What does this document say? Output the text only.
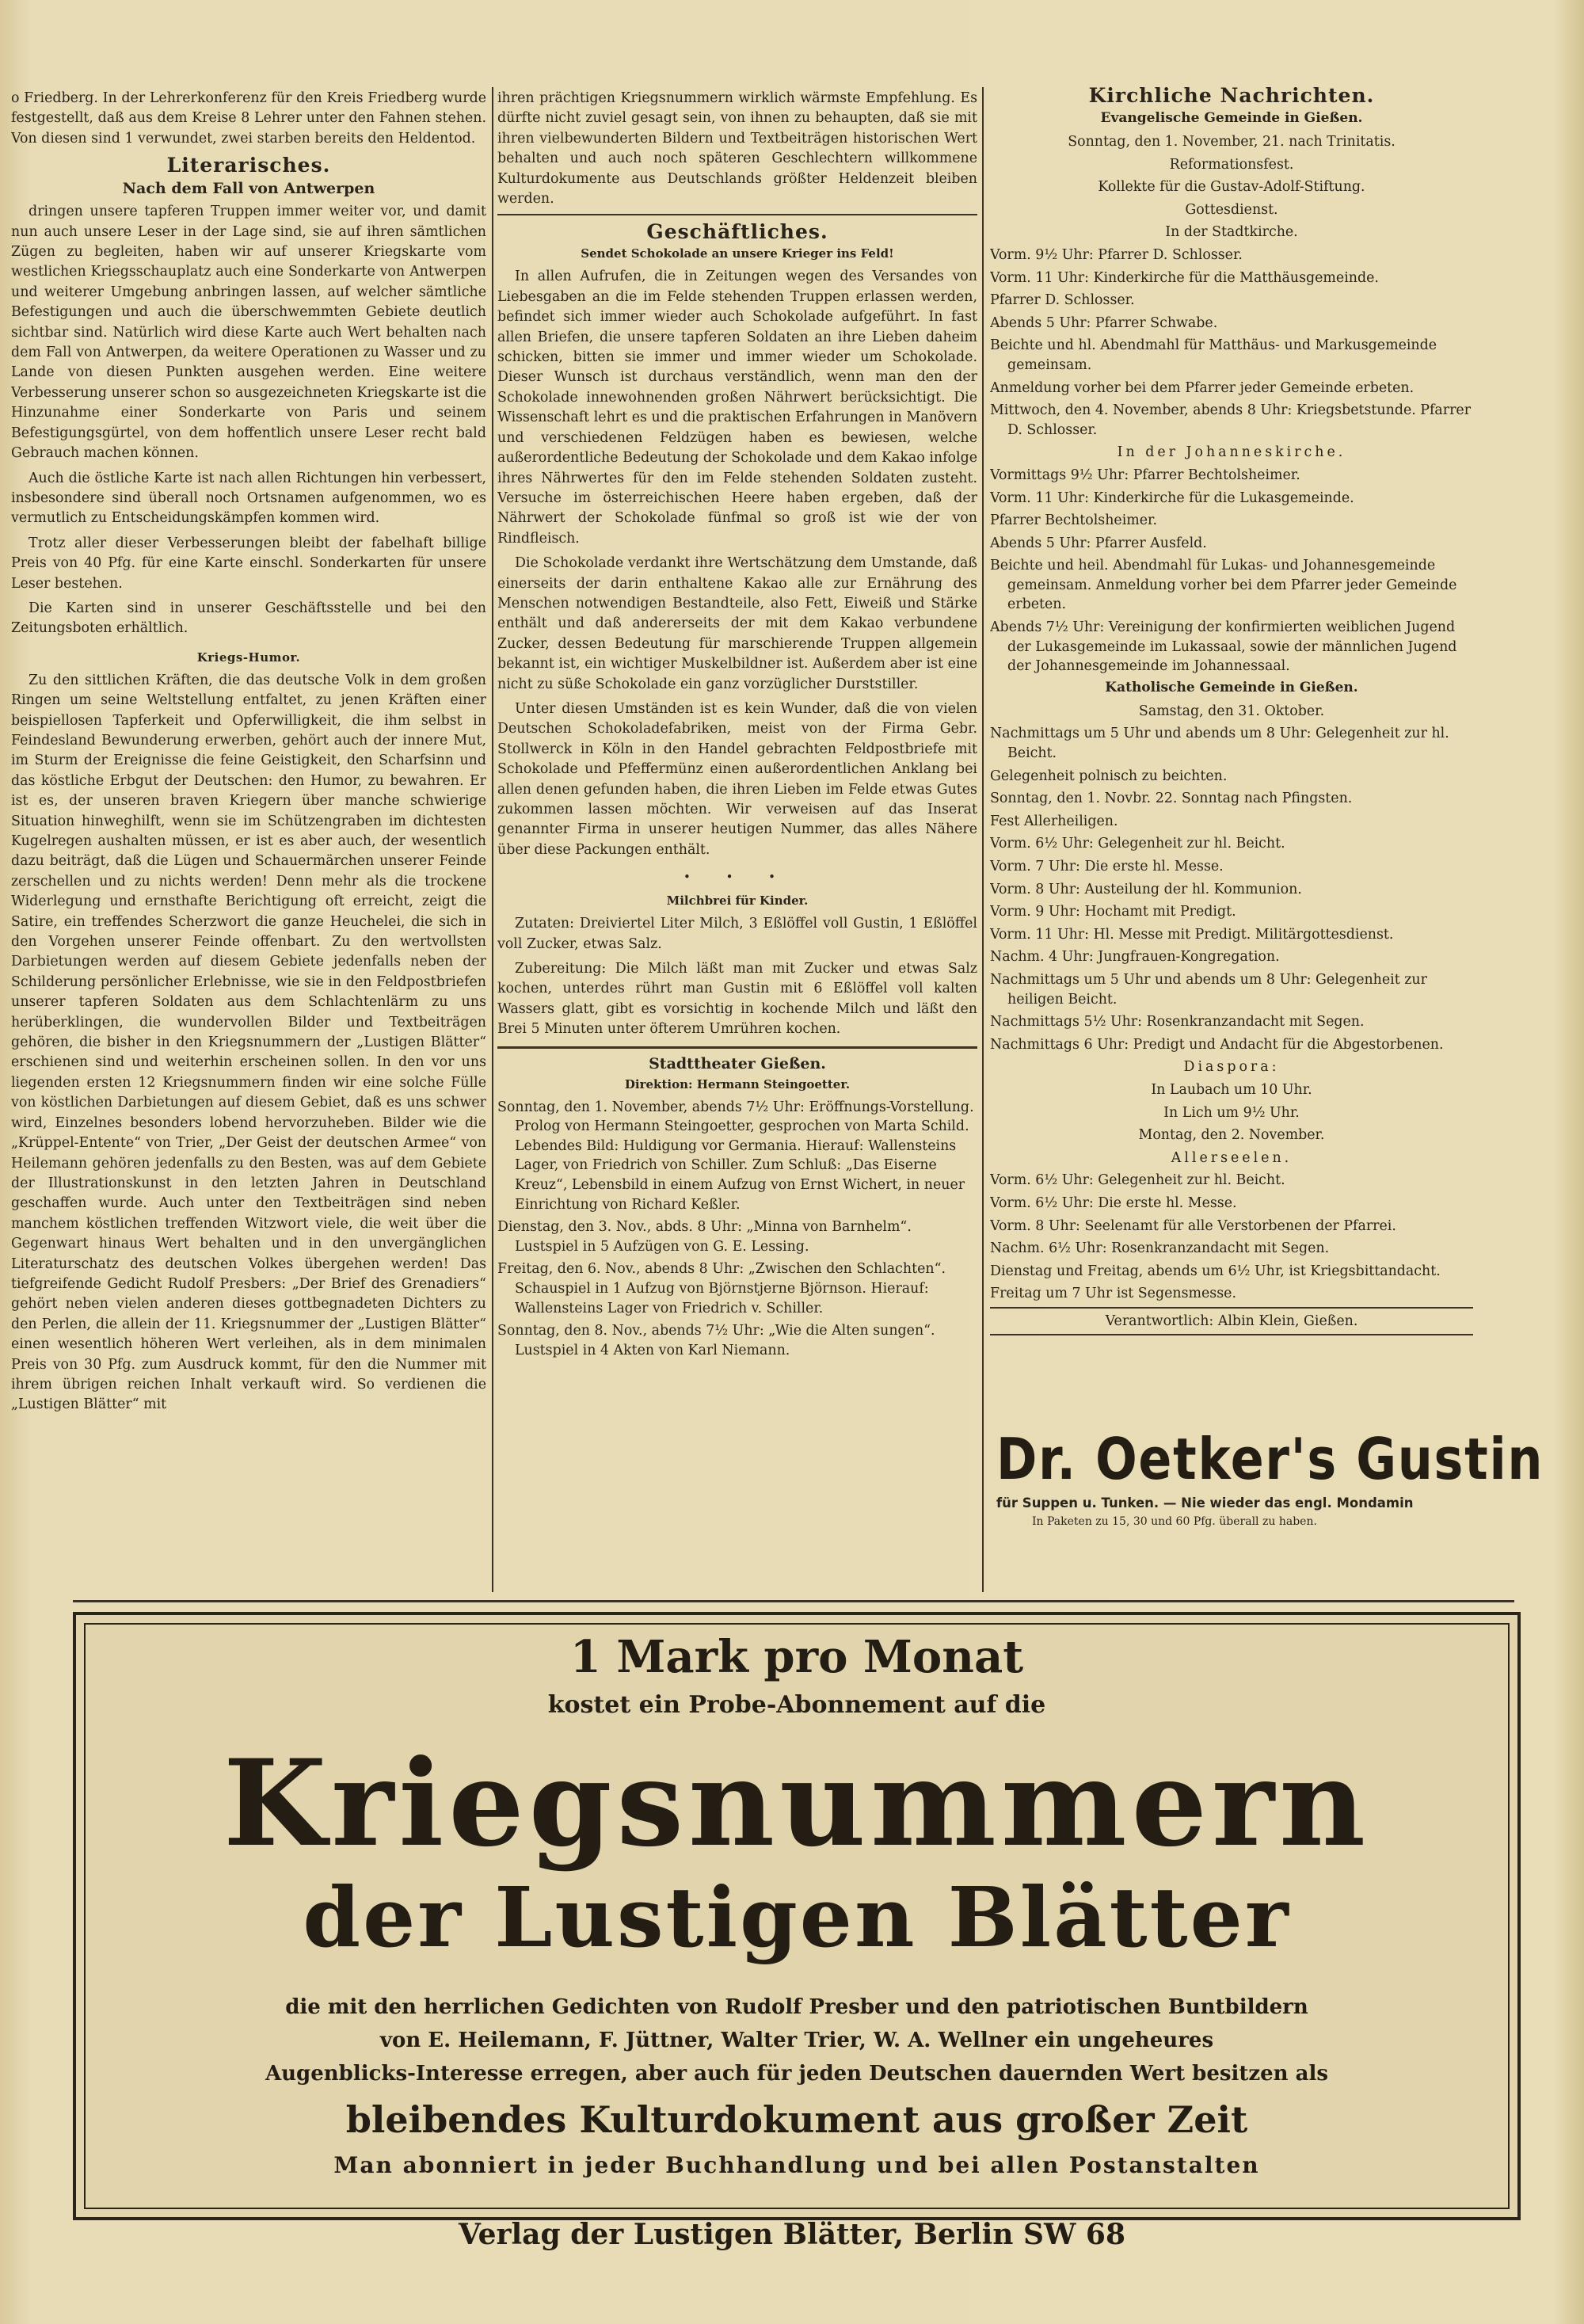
o Friedberg. In der Lehrerkonferenz für den Kreis Friedberg wurde festgestellt, daß aus dem Kreise 8 Lehrer unter den Fahnen stehen. Von diesen sind 1 verwundet, zwei starben bereits den Heldentod.

Literarisches.
Nach dem Fall von Antwerpen

dringen unsere tapferen Truppen immer weiter vor, und damit nun auch unsere Leser in der Lage sind, sie auf ihren sämtlichen Zügen zu begleiten, haben wir auf unserer Kriegskarte vom westlichen Kriegsschauplatz auch eine Sonderkarte von Antwerpen und weiterer Umgebung anbringen lassen, auf welcher sämtliche Befestigungen und auch die überschwemmten Gebiete deutlich sichtbar sind. Natürlich wird diese Karte auch Wert behalten nach dem Fall von Antwerpen, da weitere Operationen zu Wasser und zu Lande von diesen Punkten ausgehen werden. Eine weitere Verbesserung unserer schon so ausgezeichneten Kriegskarte ist die Hinzunahme einer Sonderkarte von Paris und seinem Befestigungsgürtel, von dem hoffentlich unsere Leser recht bald Gebrauch machen können.

Auch die östliche Karte ist nach allen Richtungen hin verbessert, insbesondere sind überall noch Ortsnamen aufgenommen, wo es vermutlich zu Entscheidungskämpfen kommen wird.

Trotz aller dieser Verbesserungen bleibt der fabelhaft billige Preis von 40 Pfg. für eine Karte einschl. Sonderkarten für unsere Leser bestehen.

Die Karten sind in unserer Geschäftsstelle und bei den Zeitungsboten erhältlich.

Kriegs-Humor.

Zu den sittlichen Kräften, die das deutsche Volk in dem großen Ringen um seine Weltstellung entfaltet, zu jenen Kräften einer beispiellosen Tapferkeit und Opferwilligkeit, die ihm selbst in Feindesland Bewunderung erwerben, gehört auch der innere Mut, im Sturm der Ereignisse die feine Geistigkeit, den Scharfsinn und das köstliche Erbgut der Deutschen: den Humor, zu bewahren. Er ist es, der unseren braven Kriegern über manche schwierige Situation hinweghilft, wenn sie im Schützengraben im dichtesten Kugelregen aushalten müssen, er ist es aber auch, der wesentlich dazu beiträgt, daß die Lügen und Schauermärchen unserer Feinde zerschellen und zu nichts werden! Denn mehr als die trockene Widerlegung und ernsthafte Berichtigung oft erreicht, zeigt die Satire, ein treffendes Scherzwort die ganze Heuchelei, die sich in den Vorgehen unserer Feinde offenbart. Zu den wertvollsten Darbietungen werden auf diesem Gebiete jedenfalls neben der Schilderung persönlicher Erlebnisse, wie sie in den Feldpostbriefen unserer tapferen Soldaten aus dem Schlachtenlärm zu uns herüberklingen, die wundervollen Bilder und Textbeiträgen gehören, die bisher in den Kriegsnummern der „Lustigen Blätter“ erschienen sind und weiterhin erscheinen sollen. In den vor uns liegenden ersten 12 Kriegsnummern finden wir eine solche Fülle von köstlichen Darbietungen auf diesem Gebiet, daß es uns schwer wird, Einzelnes besonders lobend hervorzuheben. Bilder wie die „Krüppel-Entente“ von Trier, „Der Geist der deutschen Armee“ von Heilemann gehören jedenfalls zu den Besten, was auf dem Gebiete der Illustrationskunst in den letzten Jahren in Deutschland geschaffen wurde. Auch unter den Textbeiträgen sind neben manchem köstlichen treffenden Witzwort viele, die weit über die Gegenwart hinaus Wert behalten und in den unvergänglichen Literaturschatz des deutschen Volkes übergehen werden! Das tiefgreifende Gedicht Rudolf Presbers: „Der Brief des Grenadiers“ gehört neben vielen anderen dieses gottbegnadeten Dichters zu den Perlen, die allein der 11. Kriegsnummer der „Lustigen Blätter“ einen wesentlich höheren Wert verleihen, als in dem minimalen Preis von 30 Pfg. zum Ausdruck kommt, für den die Nummer mit ihrem übrigen reichen Inhalt verkauft wird. So verdienen die „Lustigen Blätter“ mit

ihren prächtigen Kriegsnummern wirklich wärmste Empfehlung. Es dürfte nicht zuviel gesagt sein, von ihnen zu behaupten, daß sie mit ihren vielbewunderten Bildern und Textbeiträgen historischen Wert behalten und auch noch späteren Geschlechtern willkommene Kulturdokumente aus Deutschlands größter Heldenzeit bleiben werden.

Geschäftliches.
Sendet Schokolade an unsere Krieger ins Feld!

In allen Aufrufen, die in Zeitungen wegen des Versandes von Liebesgaben an die im Felde stehenden Truppen erlassen werden, befindet sich immer wieder auch Schokolade aufgeführt. In fast allen Briefen, die unsere tapferen Soldaten an ihre Lieben daheim schicken, bitten sie immer und immer wieder um Schokolade. Dieser Wunsch ist durchaus verständlich, wenn man den der Schokolade innewohnenden großen Nährwert berücksichtigt. Die Wissenschaft lehrt es und die praktischen Erfahrungen in Manövern und verschiedenen Feldzügen haben es bewiesen, welche außerordentliche Bedeutung der Schokolade und dem Kakao infolge ihres Nährwertes für den im Felde stehenden Soldaten zusteht. Versuche im österreichischen Heere haben ergeben, daß der Nährwert der Schokolade fünfmal so groß ist wie der von Rindfleisch.

Die Schokolade verdankt ihre Wertschätzung dem Umstande, daß einerseits der darin enthaltene Kakao alle zur Ernährung des Menschen notwendigen Bestandteile, also Fett, Eiweiß und Stärke enthält und daß andererseits der mit dem Kakao verbundene Zucker, dessen Bedeutung für marschierende Truppen allgemein bekannt ist, ein wichtiger Muskelbildner ist. Außerdem aber ist eine nicht zu süße Schokolade ein ganz vorzüglicher Durststiller.

Unter diesen Umständen ist es kein Wunder, daß die von vielen Deutschen Schokoladefabriken, meist von der Firma Gebr. Stollwerck in Köln in den Handel gebrachten Feldpostbriefe mit Schokolade und Pfeffermünz einen außerordentlichen Anklang bei allen denen gefunden haben, die ihren Lieben im Felde etwas Gutes zukommen lassen möchten. Wir verweisen auf das Inserat genannter Firma in unserer heutigen Nummer, das alles Nähere über diese Packungen enthält.

• • •
Milchbrei für Kinder.

Zutaten: Dreiviertel Liter Milch, 3 Eßlöffel voll Gustin, 1 Eßlöffel voll Zucker, etwas Salz.

Zubereitung: Die Milch läßt man mit Zucker und etwas Salz kochen, unterdes rührt man Gustin mit 6 Eßlöffel voll kalten Wassers glatt, gibt es vorsichtig in kochende Milch und läßt den Brei 5 Minuten unter öfterem Umrühren kochen.

Stadttheater Gießen.
Direktion: Hermann Steingoetter.

Sonntag, den 1. November, abends 7½ Uhr: Eröffnungs-Vorstellung. Prolog von Hermann Steingoetter, gesprochen von Marta Schild. Lebendes Bild: Huldigung vor Germania. Hierauf: Wallensteins Lager, von Friedrich von Schiller. Zum Schluß: „Das Eiserne Kreuz“, Lebensbild in einem Aufzug von Ernst Wichert, in neuer Einrichtung von Richard Keßler.

Dienstag, den 3. Nov., abds. 8 Uhr: „Minna von Barnhelm“. Lustspiel in 5 Aufzügen von G. E. Lessing.

Freitag, den 6. Nov., abends 8 Uhr: „Zwischen den Schlachten“. Schauspiel in 1 Aufzug von Björnstjerne Björnson. Hierauf: Wallensteins Lager von Friedrich v. Schiller.

Sonntag, den 8. Nov., abends 7½ Uhr: „Wie die Alten sungen“. Lustspiel in 4 Akten von Karl Niemann.

Kirchliche Nachrichten.
Evangelische Gemeinde in Gießen.

Sonntag, den 1. November, 21. nach Trinitatis.

Reformationsfest.

Kollekte für die Gustav-Adolf-Stiftung.

Gottesdienst.

In der Stadtkirche.

Vorm. 9½ Uhr: Pfarrer D. Schlosser.

Vorm. 11 Uhr: Kinderkirche für die Matthäusgemeinde.

Pfarrer D. Schlosser.

Abends 5 Uhr: Pfarrer Schwabe.

Beichte und hl. Abendmahl für Matthäus- und Markusgemeinde gemeinsam.

Anmeldung vorher bei dem Pfarrer jeder Gemeinde erbeten.

Mittwoch, den 4. November, abends 8 Uhr: Kriegsbetstunde. Pfarrer D. Schlosser.

In der Johanneskirche.

Vormittags 9½ Uhr: Pfarrer Bechtolsheimer.

Vorm. 11 Uhr: Kinderkirche für die Lukasgemeinde.

Pfarrer Bechtolsheimer.

Abends 5 Uhr: Pfarrer Ausfeld.

Beichte und heil. Abendmahl für Lukas- und Johannesgemeinde gemeinsam. Anmeldung vorher bei dem Pfarrer jeder Gemeinde erbeten.

Abends 7½ Uhr: Vereinigung der konfirmierten weiblichen Jugend der Lukasgemeinde im Lukassaal, sowie der männlichen Jugend der Johannesgemeinde im Johannessaal.

Katholische Gemeinde in Gießen.

Samstag, den 31. Oktober.

Nachmittags um 5 Uhr und abends um 8 Uhr: Gelegenheit zur hl. Beicht.

Gelegenheit polnisch zu beichten.

Sonntag, den 1. Novbr. 22. Sonntag nach Pfingsten.

Fest Allerheiligen.

Vorm. 6½ Uhr: Gelegenheit zur hl. Beicht.

Vorm. 7 Uhr: Die erste hl. Messe.

Vorm. 8 Uhr: Austeilung der hl. Kommunion.

Vorm. 9 Uhr: Hochamt mit Predigt.

Vorm. 11 Uhr: Hl. Messe mit Predigt. Militärgottesdienst.

Nachm. 4 Uhr: Jungfrauen-Kongregation.

Nachmittags um 5 Uhr und abends um 8 Uhr: Gelegenheit zur heiligen Beicht.

Nachmittags 5½ Uhr: Rosenkranzandacht mit Segen.

Nachmittags 6 Uhr: Predigt und Andacht für die Abgestorbenen.

Diaspora:

In Laubach um 10 Uhr.

In Lich um 9½ Uhr.

Montag, den 2. November.

Allerseelen.

Vorm. 6½ Uhr: Gelegenheit zur hl. Beicht.

Vorm. 6½ Uhr: Die erste hl. Messe.

Vorm. 8 Uhr: Seelenamt für alle Verstorbenen der Pfarrei.

Nachm. 6½ Uhr: Rosenkranzandacht mit Segen.

Dienstag und Freitag, abends um 6½ Uhr, ist Kriegsbittandacht.

Freitag um 7 Uhr ist Segensmesse.

Verantwortlich: Albin Klein, Gießen.

Dr. Oetker's Gustin
für Suppen u. Tunken. — Nie wieder das engl. Mondamin
In Paketen zu 15, 30 und 60 Pfg. überall zu haben.
1 Mark pro Monat
kostet ein Probe-Abonnement auf die
Kriegsnummern
der Lustigen Blätter
die mit den herrlichen Gedichten von Rudolf Presber und den patriotischen Buntbildern
von E. Heilemann, F. Jüttner, Walter Trier, W. A. Wellner ein ungeheures
Augenblicks-Interesse erregen, aber auch für jeden Deutschen dauernden Wert besitzen als
bleibendes Kulturdokument aus großer Zeit
Man abonniert in jeder Buchhandlung und bei allen Postanstalten
Verlag der Lustigen Blätter, Berlin SW 68
